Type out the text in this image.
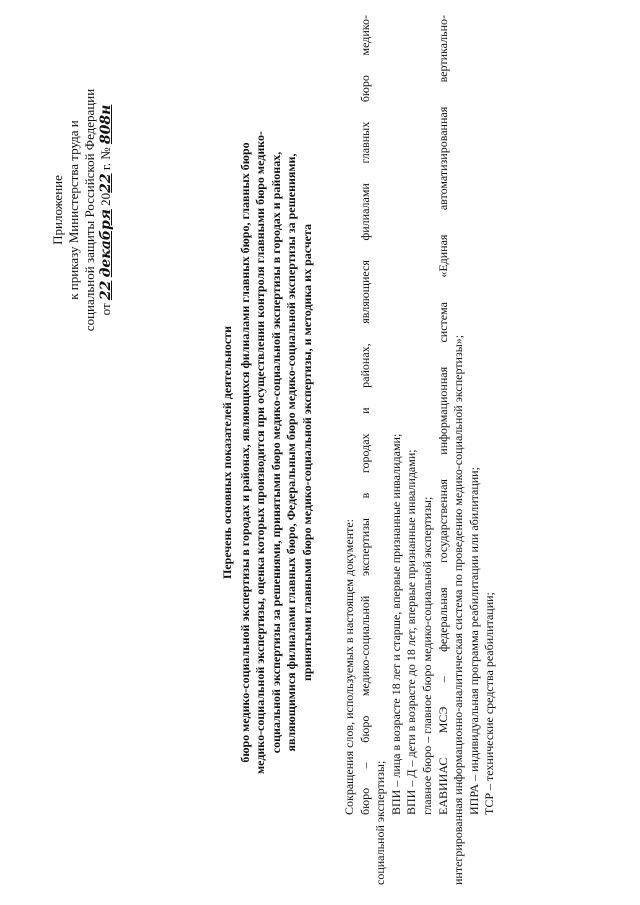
Приложение к приказу Министерства труда и социальной защиты Российской Федерации от 22 декабря 2022 г. № 808н
Перечень основных показателей деятельности бюро медико-социальной экспертизы в городах и районах, являющихся филиалами главных бюро, главных бюро медико-социальной экспертизы, оценка которых производится при осуществлении контроля главными бюро медико- социальной экспертизы за решениями, принятыми бюро медико-социальной экспертизы в городах и районах, являющимися филиалами главных бюро, Федеральным бюро медико-социальной экспертизы за решениями, принятыми главными бюро медико-социальной экспертизы, и методика их расчета Сокращения слов, используемых в настоящем документе: бюро – бюро медико-социальной экспертизы в городах и районах, являющиеся филиалами главных бюро медико-
социальной экспертизы;
ВПИ – лица в возрасте 18 лет и старше, впервые признанные инвалидами; ВПИ – Д – дети в возрасте до 18 лет, впервые признанные инвалидами; главное бюро – главное бюро медико-социальной экспертизы; ЕАВИИАС МСЭ – федеральная государственная информационная система «Единая автоматизированная вертикально- интегрированная информационно-аналитическая система по проведению медико-социальной экспертизы»; ИПРА – индивидуальная программа реабилитации или абилитации; ТСР – технические средства реабилитации;
